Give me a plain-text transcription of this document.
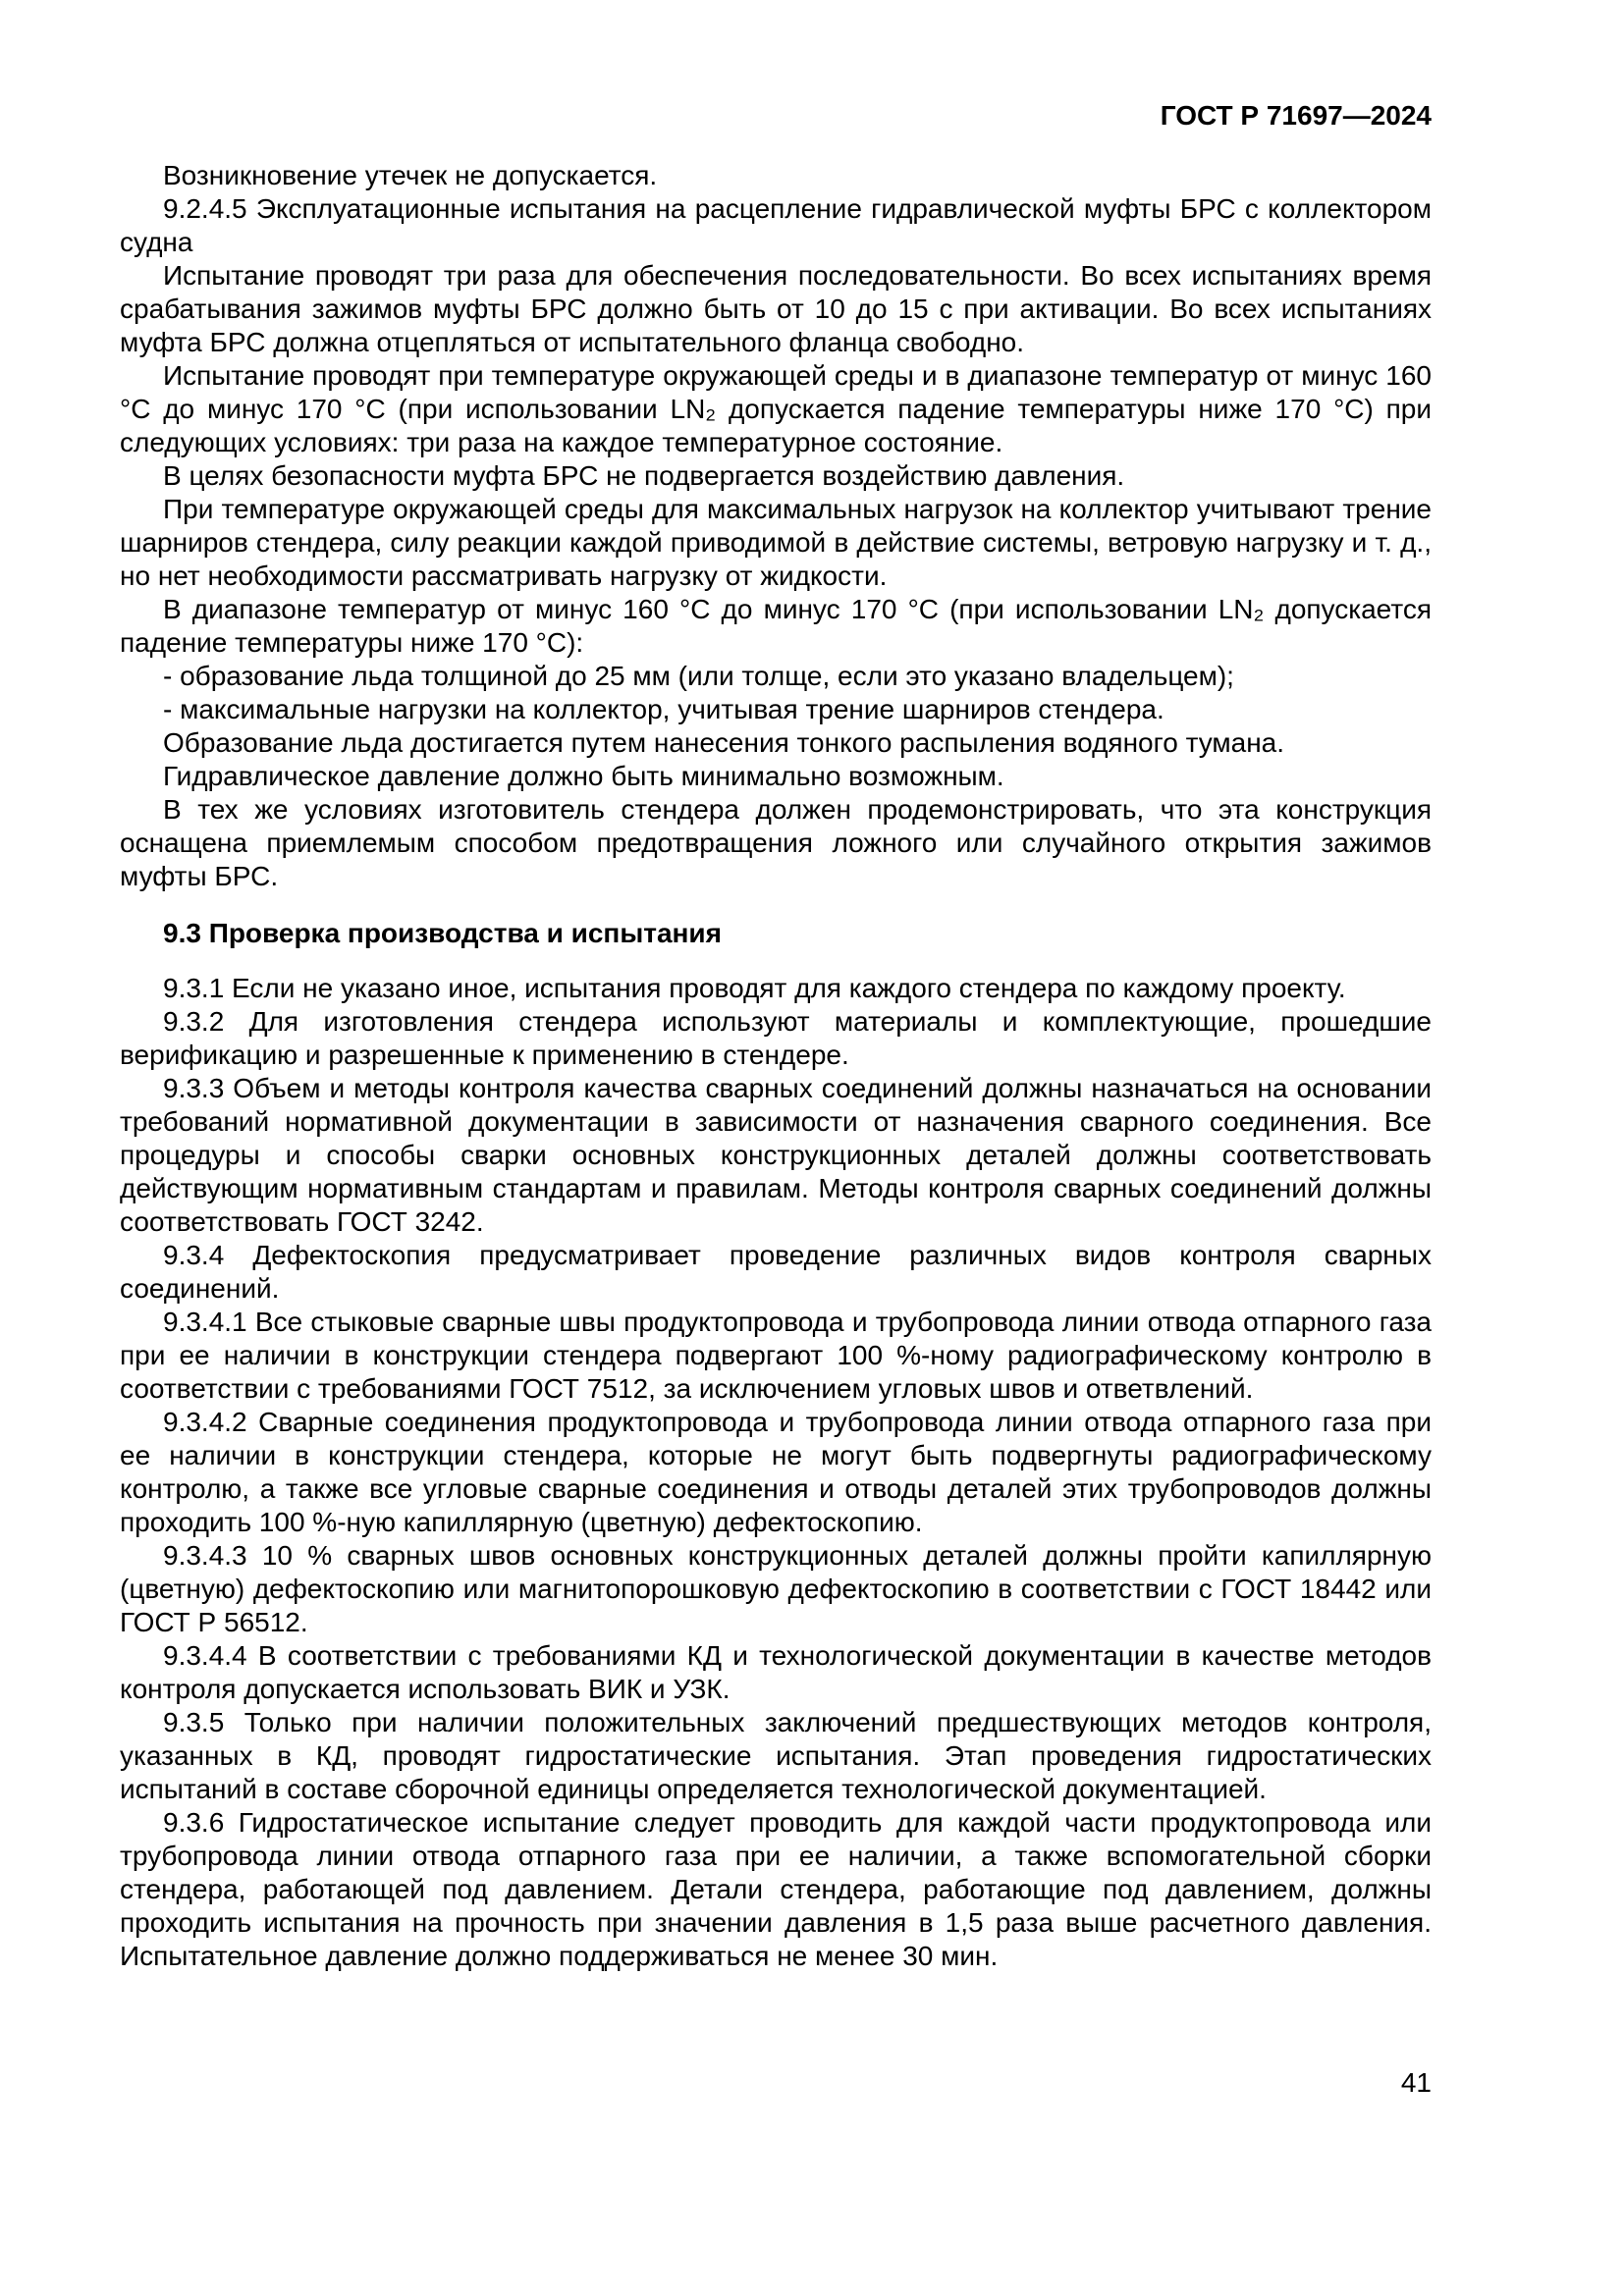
ГОСТ Р 71697—2024

Возникновение утечек не допускается.

9.2.4.5 Эксплуатационные испытания на расцепление гидравлической муфты БРС с коллектором судна

Испытание проводят три раза для обеспечения последовательности. Во всех испытаниях время срабатывания зажимов муфты БРС должно быть от 10 до 15 с при активации. Во всех испытаниях муфта БРС должна отцепляться от испытательного фланца свободно.

Испытание проводят при температуре окружающей среды и в диапазоне температур от минус 160 °С до минус 170 °С (при использовании LN₂ допускается падение температуры ниже 170 °С) при следующих условиях: три раза на каждое температурное состояние.

В целях безопасности муфта БРС не подвергается воздействию давления.

При температуре окружающей среды для максимальных нагрузок на коллектор учитывают трение шарниров стендера, силу реакции каждой приводимой в действие системы, ветровую нагрузку и т. д., но нет необходимости рассматривать нагрузку от жидкости.

В диапазоне температур от минус 160 °С до минус 170 °С (при использовании LN₂ допускается падение температуры ниже 170 °С):

- образование льда толщиной до 25 мм (или толще, если это указано владельцем);

- максимальные нагрузки на коллектор, учитывая трение шарниров стендера.

Образование льда достигается путем нанесения тонкого распыления водяного тумана.

Гидравлическое давление должно быть минимально возможным.

В тех же условиях изготовитель стендера должен продемонстрировать, что эта конструкция оснащена приемлемым способом предотвращения ложного или случайного открытия зажимов муфты БРС.

9.3 Проверка производства и испытания

9.3.1 Если не указано иное, испытания проводят для каждого стендера по каждому проекту.

9.3.2 Для изготовления стендера используют материалы и комплектующие, прошедшие верификацию и разрешенные к применению в стендере.

9.3.3 Объем и методы контроля качества сварных соединений должны назначаться на основании требований нормативной документации в зависимости от назначения сварного соединения. Все процедуры и способы сварки основных конструкционных деталей должны соответствовать действующим нормативным стандартам и правилам. Методы контроля сварных соединений должны соответствовать ГОСТ 3242.

9.3.4 Дефектоскопия предусматривает проведение различных видов контроля сварных соединений.

9.3.4.1 Все стыковые сварные швы продуктопровода и трубопровода линии отвода отпарного газа при ее наличии в конструкции стендера подвергают 100 %-ному радиографическому контролю в соответствии с требованиями ГОСТ 7512, за исключением угловых швов и ответвлений.

9.3.4.2 Сварные соединения продуктопровода и трубопровода линии отвода отпарного газа при ее наличии в конструкции стендера, которые не могут быть подвергнуты радиографическому контролю, а также все угловые сварные соединения и отводы деталей этих трубопроводов должны проходить 100 %-ную капиллярную (цветную) дефектоскопию.

9.3.4.3 10 % сварных швов основных конструкционных деталей должны пройти капиллярную (цветную) дефектоскопию или магнитопорошковую дефектоскопию в соответствии с ГОСТ 18442 или ГОСТ Р 56512.

9.3.4.4 В соответствии с требованиями КД и технологической документации в качестве методов контроля допускается использовать ВИК и УЗК.

9.3.5 Только при наличии положительных заключений предшествующих методов контроля, указанных в КД, проводят гидростатические испытания. Этап проведения гидростатических испытаний в составе сборочной единицы определяется технологической документацией.

9.3.6 Гидростатическое испытание следует проводить для каждой части продуктопровода или трубопровода линии отвода отпарного газа при ее наличии, а также вспомогательной сборки стендера, работающей под давлением. Детали стендера, работающие под давлением, должны проходить испытания на прочность при значении давления в 1,5 раза выше расчетного давления. Испытательное давление должно поддерживаться не менее 30 мин.

41
